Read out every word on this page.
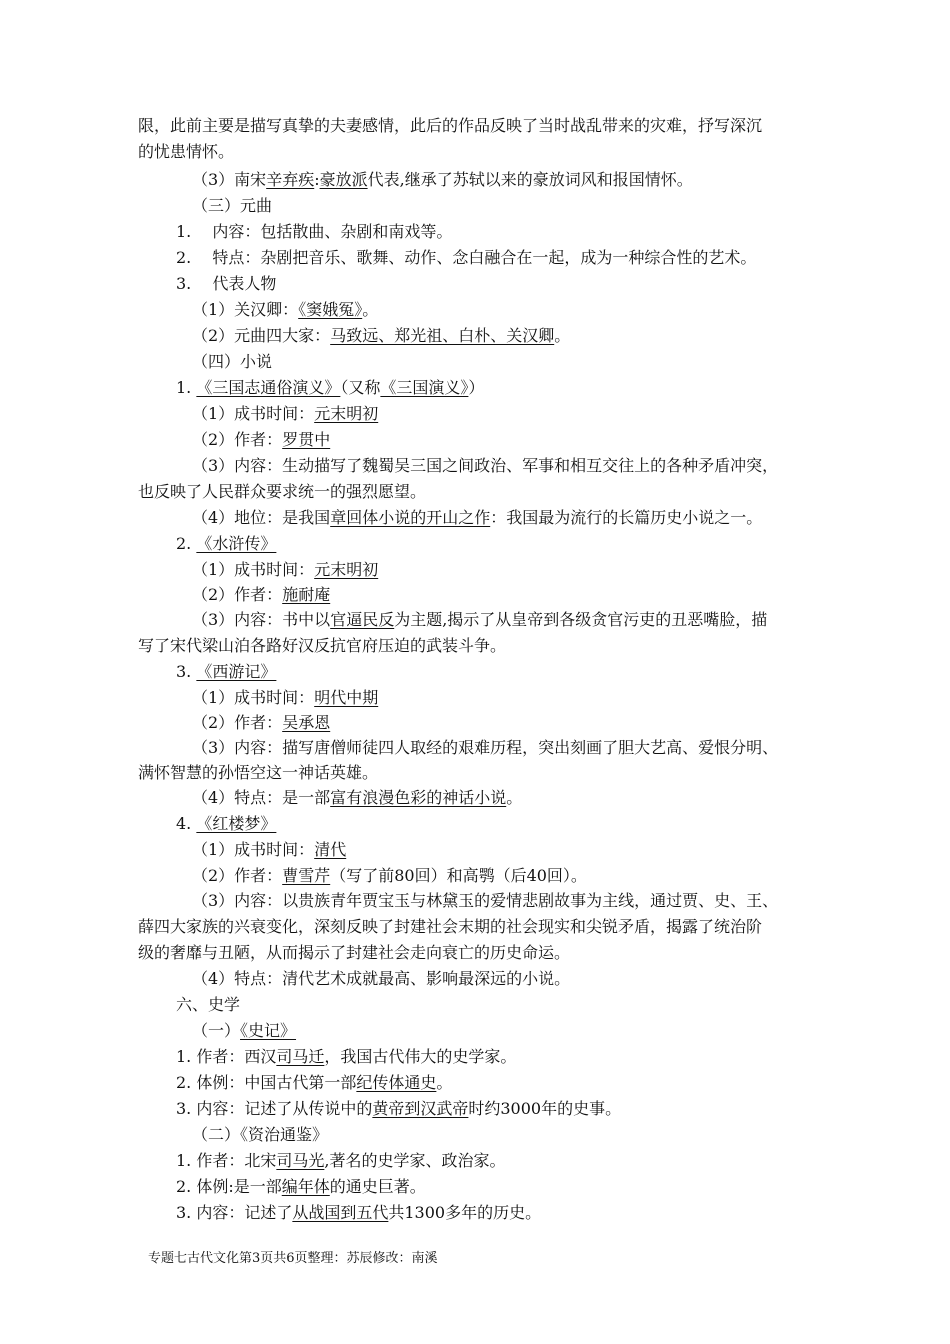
限，此前主要是描写真挚的夫妻感情，此后的作品反映了当时战乱带来的灾难，抒写深沉
的忧患情怀。
（3）南宋辛弃疾:豪放派代表,继承了苏轼以来的豪放词风和报国情怀。
（三）元曲
1.　 内容：包括散曲、杂剧和南戏等。
2.　 特点：杂剧把音乐、歌舞、动作、念白融合在一起，成为一种综合性的艺术。
3.　 代表人物
（1）关汉卿：《窦娥冤》。
（2）元曲四大家：马致远、郑光祖、白朴、关汉卿。
（四）小说
1. 《三国志通俗演义》（又称《三国演义》）
（1）成书时间：元末明初
（2）作者：罗贯中
（3）内容：生动描写了魏蜀吴三国之间政治、军事和相互交往上的各种矛盾冲突，
也反映了人民群众要求统一的强烈愿望。
（4）地位：是我国章回体小说的开山之作：我国最为流行的长篇历史小说之一。
2. 《水浒传》
（1）成书时间：元末明初
（2）作者：施耐庵
（3）内容：书中以官逼民反为主题,揭示了从皇帝到各级贪官污吏的丑恶嘴脸，描
写了宋代梁山泊各路好汉反抗官府压迫的武装斗争。
3. 《西游记》
（1）成书时间：明代中期
（2）作者：吴承恩
（3）内容：描写唐僧师徒四人取经的艰难历程，突出刻画了胆大艺高、爱恨分明、
满怀智慧的孙悟空这一神话英雄。
（4）特点：是一部富有浪漫色彩的神话小说。
4. 《红楼梦》
（1）成书时间：清代
（2）作者：曹雪芹（写了前80回）和高鹗（后40回）。
（3）内容：以贵族青年贾宝玉与林黛玉的爱情悲剧故事为主线，通过贾、史、王、
薛四大家族的兴衰变化，深刻反映了封建社会末期的社会现实和尖锐矛盾，揭露了统治阶
级的奢靡与丑陋，从而揭示了封建社会走向衰亡的历史命运。
（4）特点：清代艺术成就最高、影响最深远的小说。
六、史学
（一）《史记》
1. 作者：西汉司马迁，我国古代伟大的史学家。
2. 体例：中国古代第一部纪传体通史。
3. 内容：记述了从传说中的黄帝到汉武帝时约3000年的史事。
（二）《资治通鉴》
1. 作者：北宋司马光,著名的史学家、政治家。
2. 体例:是一部编年体的通史巨著。
3. 内容：记述了从战国到五代共1300多年的历史。
专题七古代文化第3页共6页整理：苏辰修改：南溪
